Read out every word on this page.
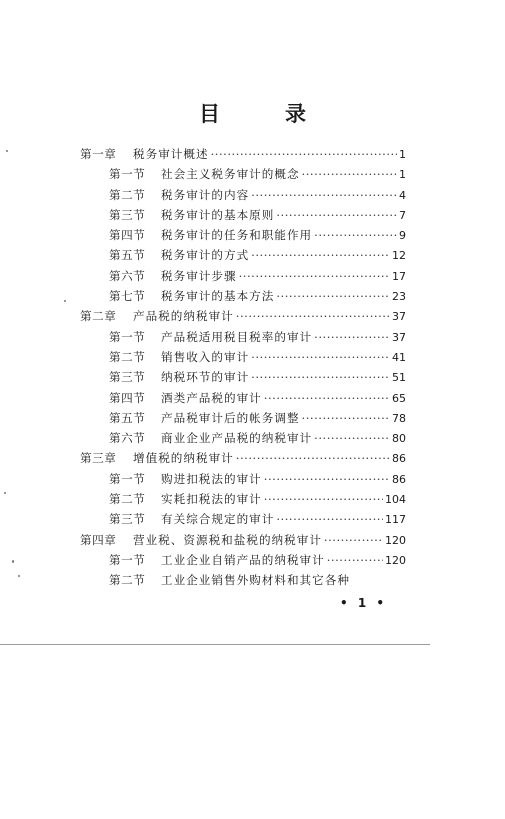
目　录
第一章	税务审计概述 ·····	1
第一节	社会主义税务审计的概念 ·····	1
第二节	税务审计的内容 ·····	4
第三节	税务审计的基本原则 ·····	7
第四节	税务审计的任务和职能作用 ·····	9
第五节	税务审计的方式 ·····	12
第六节	税务审计步骤 ·····	17
第七节	税务审计的基本方法 ·····	23
第二章	产品税的纳税审计 ·····	37
第一节	产品税适用税目税率的审计 ·····	37
第二节	销售收入的审计 ·····	41
第三节	纳税环节的审计 ·····	51
第四节	酒类产品税的审计 ·····	65
第五节	产品税审计后的帐务调整 ·····	78
第六节	商业企业产品税的纳税审计 ·····	80
第三章	增值税的纳税审计 ·····	86
第一节	购进扣税法的审计 ·····	86
第二节	实耗扣税法的审计 ·····	104
第三节	有关综合规定的审计 ·····	117
第四章	营业税、资源税和盐税的纳税审计 ·····	120
第一节	工业企业自销产品的纳税审计 ·····	120
第二节	工业企业销售外购材料和其它各种
• 1 •
